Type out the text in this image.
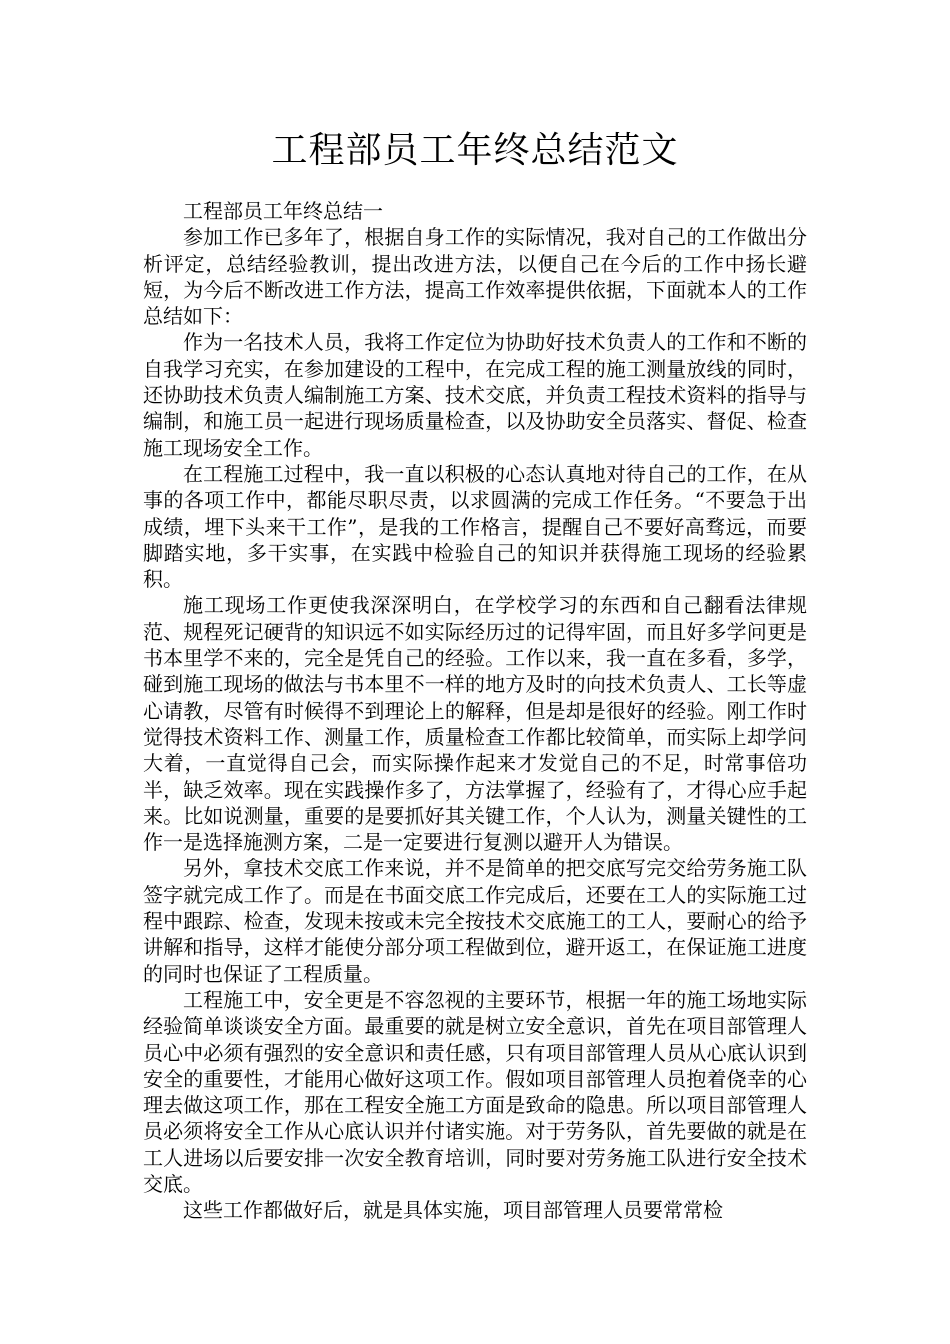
工程部员工年终总结范文

工程部员工年终总结一

参加工作已多年了，根据自身工作的实际情况，我对自己的工作做出分析评定，总结经验教训，提出改进方法，以便自己在今后的工作中扬长避短，为今后不断改进工作方法，提高工作效率提供依据，下面就本人的工作总结如下：

作为一名技术人员，我将工作定位为协助好技术负责人的工作和不断的自我学习充实，在参加建设的工程中，在完成工程的施工测量放线的同时，还协助技术负责人编制施工方案、技术交底，并负责工程技术资料的指导与编制，和施工员一起进行现场质量检查，以及协助安全员落实、督促、检查施工现场安全工作。

在工程施工过程中，我一直以积极的心态认真地对待自己的工作，在从事的各项工作中，都能尽职尽责，以求圆满的完成工作任务。“不要急于出成绩，埋下头来干工作”，是我的工作格言，提醒自己不要好高骛远，而要脚踏实地，多干实事，在实践中检验自己的知识并获得施工现场的经验累积。

施工现场工作更使我深深明白，在学校学习的东西和自己翻看法律规范、规程死记硬背的知识远不如实际经历过的记得牢固，而且好多学问更是书本里学不来的，完全是凭自己的经验。工作以来，我一直在多看，多学，碰到施工现场的做法与书本里不一样的地方及时的向技术负责人、工长等虚心请教，尽管有时候得不到理论上的解释，但是却是很好的经验。刚工作时觉得技术资料工作、测量工作，质量检查工作都比较简单，而实际上却学问大着，一直觉得自己会，而实际操作起来才发觉自己的不足，时常事倍功半，缺乏效率。现在实践操作多了，方法掌握了，经验有了，才得心应手起来。比如说测量，重要的是要抓好其关键工作，个人认为，测量关键性的工作一是选择施测方案，二是一定要进行复测以避开人为错误。

另外，拿技术交底工作来说，并不是简单的把交底写完交给劳务施工队签字就完成工作了。而是在书面交底工作完成后，还要在工人的实际施工过程中跟踪、检查，发现未按或未完全按技术交底施工的工人，要耐心的给予讲解和指导，这样才能使分部分项工程做到位，避开返工，在保证施工进度的同时也保证了工程质量。

工程施工中，安全更是不容忽视的主要环节，根据一年的施工场地实际经验简单谈谈安全方面。最重要的就是树立安全意识，首先在项目部管理人员心中必须有强烈的安全意识和责任感，只有项目部管理人员从心底认识到安全的重要性，才能用心做好这项工作。假如项目部管理人员抱着侥幸的心理去做这项工作，那在工程安全施工方面是致命的隐患。所以项目部管理人员必须将安全工作从心底认识并付诸实施。对于劳务队，首先要做的就是在工人进场以后要安排一次安全教育培训，同时要对劳务施工队进行安全技术交底。

这些工作都做好后，就是具体实施，项目部管理人员要常常检
